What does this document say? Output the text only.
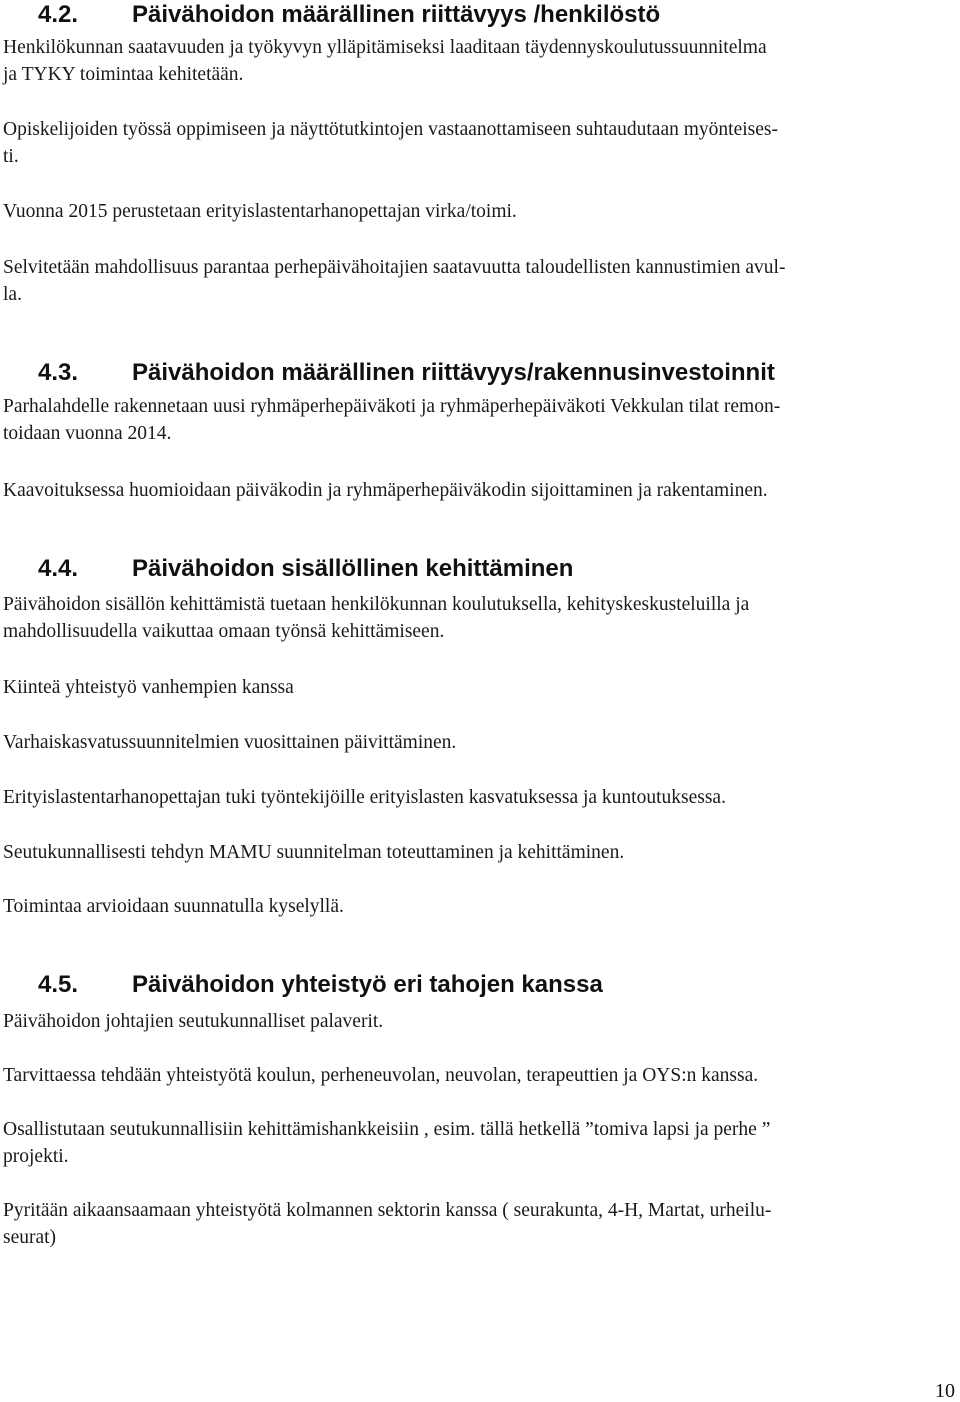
4.2. Päivähoidon määrällinen riittävyys /henkilöstö
Henkilökunnan saatavuuden ja työkyvyn ylläpitämiseksi laaditaan täydennyskoulutussuunnitelma
ja TYKY toimintaa kehitetään.
Opiskelijoiden työssä oppimiseen ja näyttötutkintojen vastaanottamiseen suhtaudutaan myönteises-
ti.
Vuonna 2015 perustetaan erityislastentarhanopettajan virka/toimi.
Selvitetään mahdollisuus parantaa perhepäivähoitajien saatavuutta taloudellisten kannustimien avul-
la.
4.3. Päivähoidon määrällinen riittävyys/rakennusinvestoinnit
Parhalahdelle rakennetaan uusi ryhmäperhepäiväkoti ja ryhmäperhepäiväkoti Vekkulan tilat remon-
toidaan vuonna 2014.
Kaavoituksessa huomioidaan päiväkodin ja ryhmäperhepäiväkodin sijoittaminen ja rakentaminen.
4.4. Päivähoidon sisällöllinen kehittäminen
Päivähoidon sisällön kehittämistä tuetaan henkilökunnan koulutuksella, kehityskeskusteluilla ja
mahdollisuudella vaikuttaa omaan työnsä kehittämiseen.
Kiinteä yhteistyö vanhempien kanssa
Varhaiskasvatussuunnitelmien vuosittainen päivittäminen.
Erityislastentarhanopettajan tuki työntekijöille erityislasten kasvatuksessa ja kuntoutuksessa.
Seutukunnallisesti tehdyn MAMU suunnitelman toteuttaminen ja kehittäminen.
Toimintaa arvioidaan suunnatulla kyselyllä.
4.5. Päivähoidon yhteistyö eri tahojen kanssa
Päivähoidon johtajien seutukunnalliset palaverit.
Tarvittaessa tehdään yhteistyötä koulun, perheneuvolan, neuvolan, terapeuttien ja OYS:n kanssa.
Osallistutaan seutukunnallisiin kehittämishankkeisiin , esim. tällä hetkellä ”tomiva lapsi ja perhe ”
projekti.
Pyritään aikaansaamaan yhteistyötä kolmannen sektorin kanssa ( seurakunta, 4-H, Martat, urheilu-
seurat)
10
